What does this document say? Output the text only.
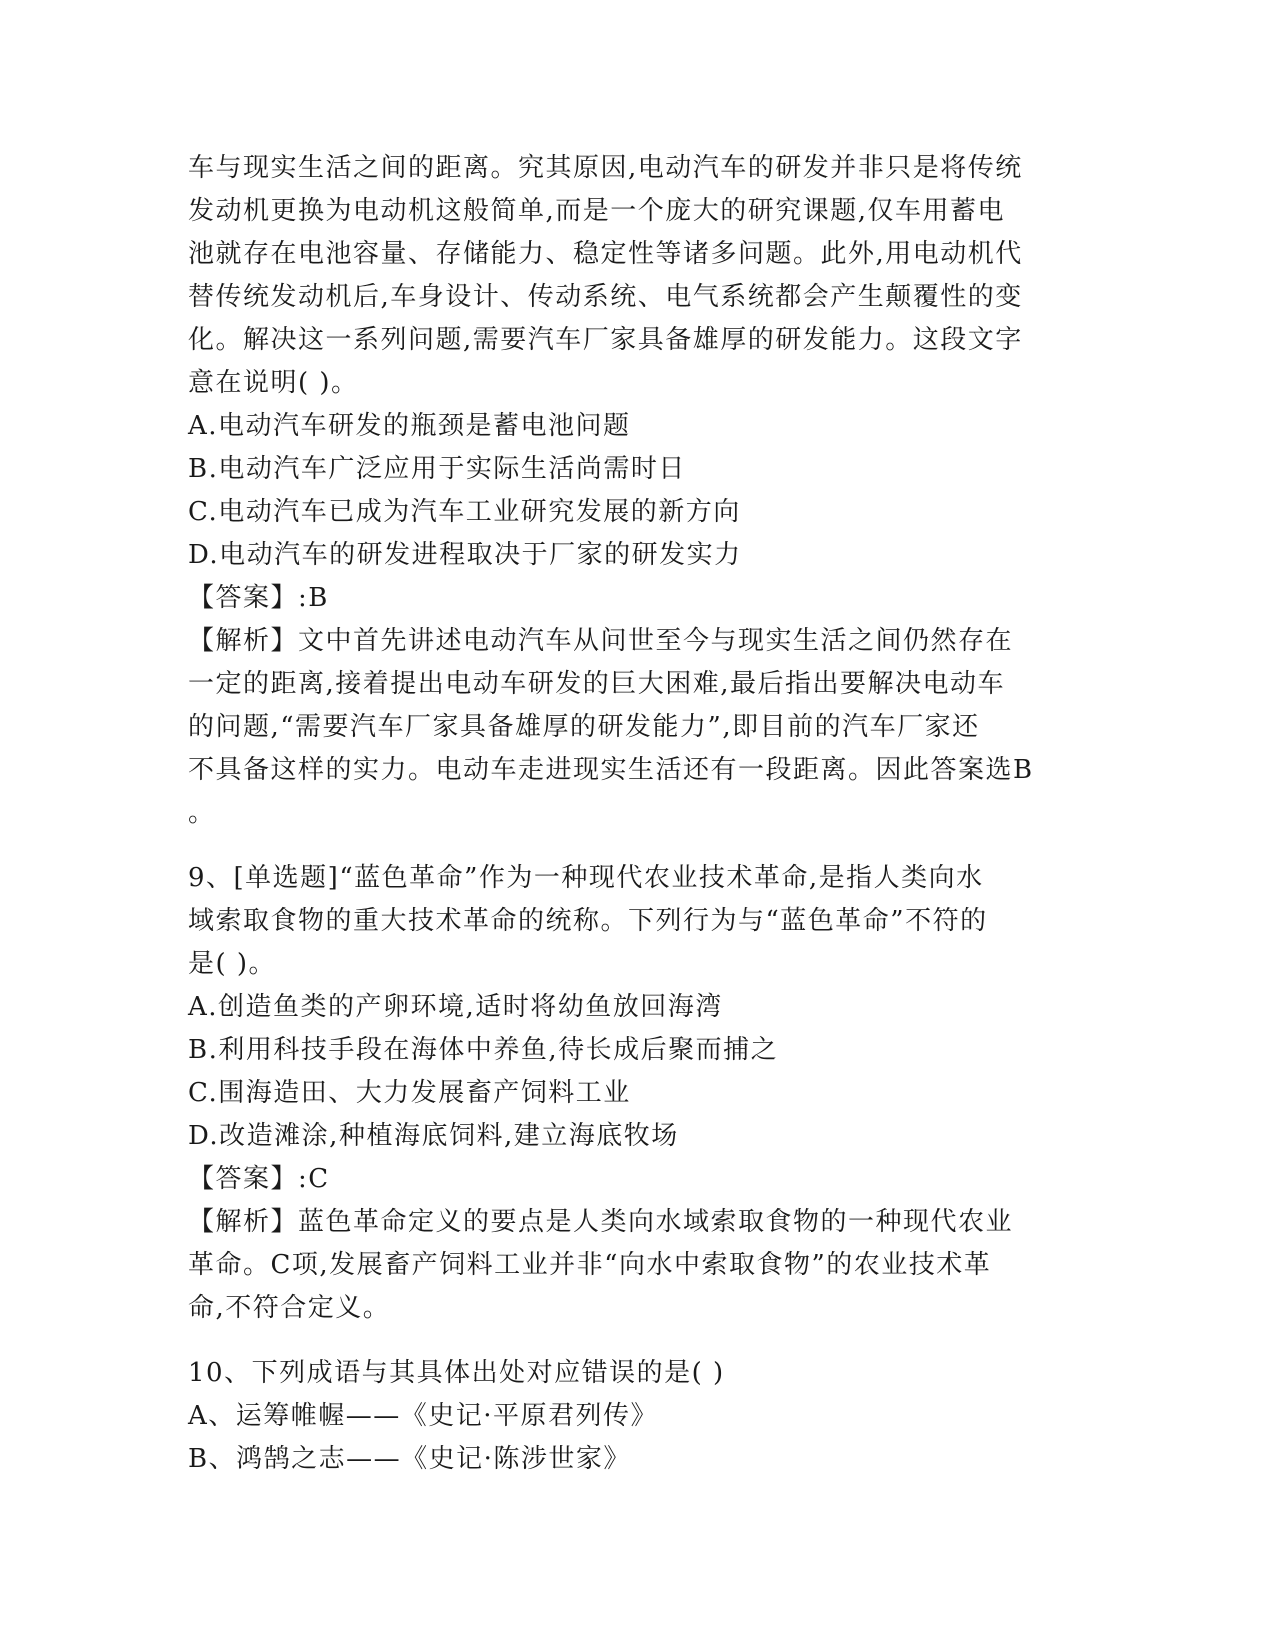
车与现实生活之间的距离。究其原因,电动汽车的研发并非只是将传统
发动机更换为电动机这般简单,而是一个庞大的研究课题,仅车用蓄电
池就存在电池容量、存储能力、稳定性等诸多问题。此外,用电动机代
替传统发动机后,车身设计、传动系统、电气系统都会产生颠覆性的变
化。解决这一系列问题,需要汽车厂家具备雄厚的研发能力。这段文字
意在说明( )。
A.电动汽车研发的瓶颈是蓄电池问题
B.电动汽车广泛应用于实际生活尚需时日
C.电动汽车已成为汽车工业研究发展的新方向
D.电动汽车的研发进程取决于厂家的研发实力
【答案】:B
【解析】文中首先讲述电动汽车从问世至今与现实生活之间仍然存在
一定的距离,接着提出电动车研发的巨大困难,最后指出要解决电动车
的问题,“需要汽车厂家具备雄厚的研发能力”,即目前的汽车厂家还
不具备这样的实力。电动车走进现实生活还有一段距离。因此答案选B
。
9、[单选题]“蓝色革命”作为一种现代农业技术革命,是指人类向水
域索取食物的重大技术革命的统称。下列行为与“蓝色革命”不符的
是( )。
A.创造鱼类的产卵环境,适时将幼鱼放回海湾
B.利用科技手段在海体中养鱼,待长成后聚而捕之
C.围海造田、大力发展畜产饲料工业
D.改造滩涂,种植海底饲料,建立海底牧场
【答案】:C
【解析】蓝色革命定义的要点是人类向水域索取食物的一种现代农业
革命。C项,发展畜产饲料工业并非“向水中索取食物”的农业技术革
命,不符合定义。
10、下列成语与其具体出处对应错误的是( )
A、运筹帷幄——《史记·平原君列传》
B、鸿鹄之志——《史记·陈涉世家》
